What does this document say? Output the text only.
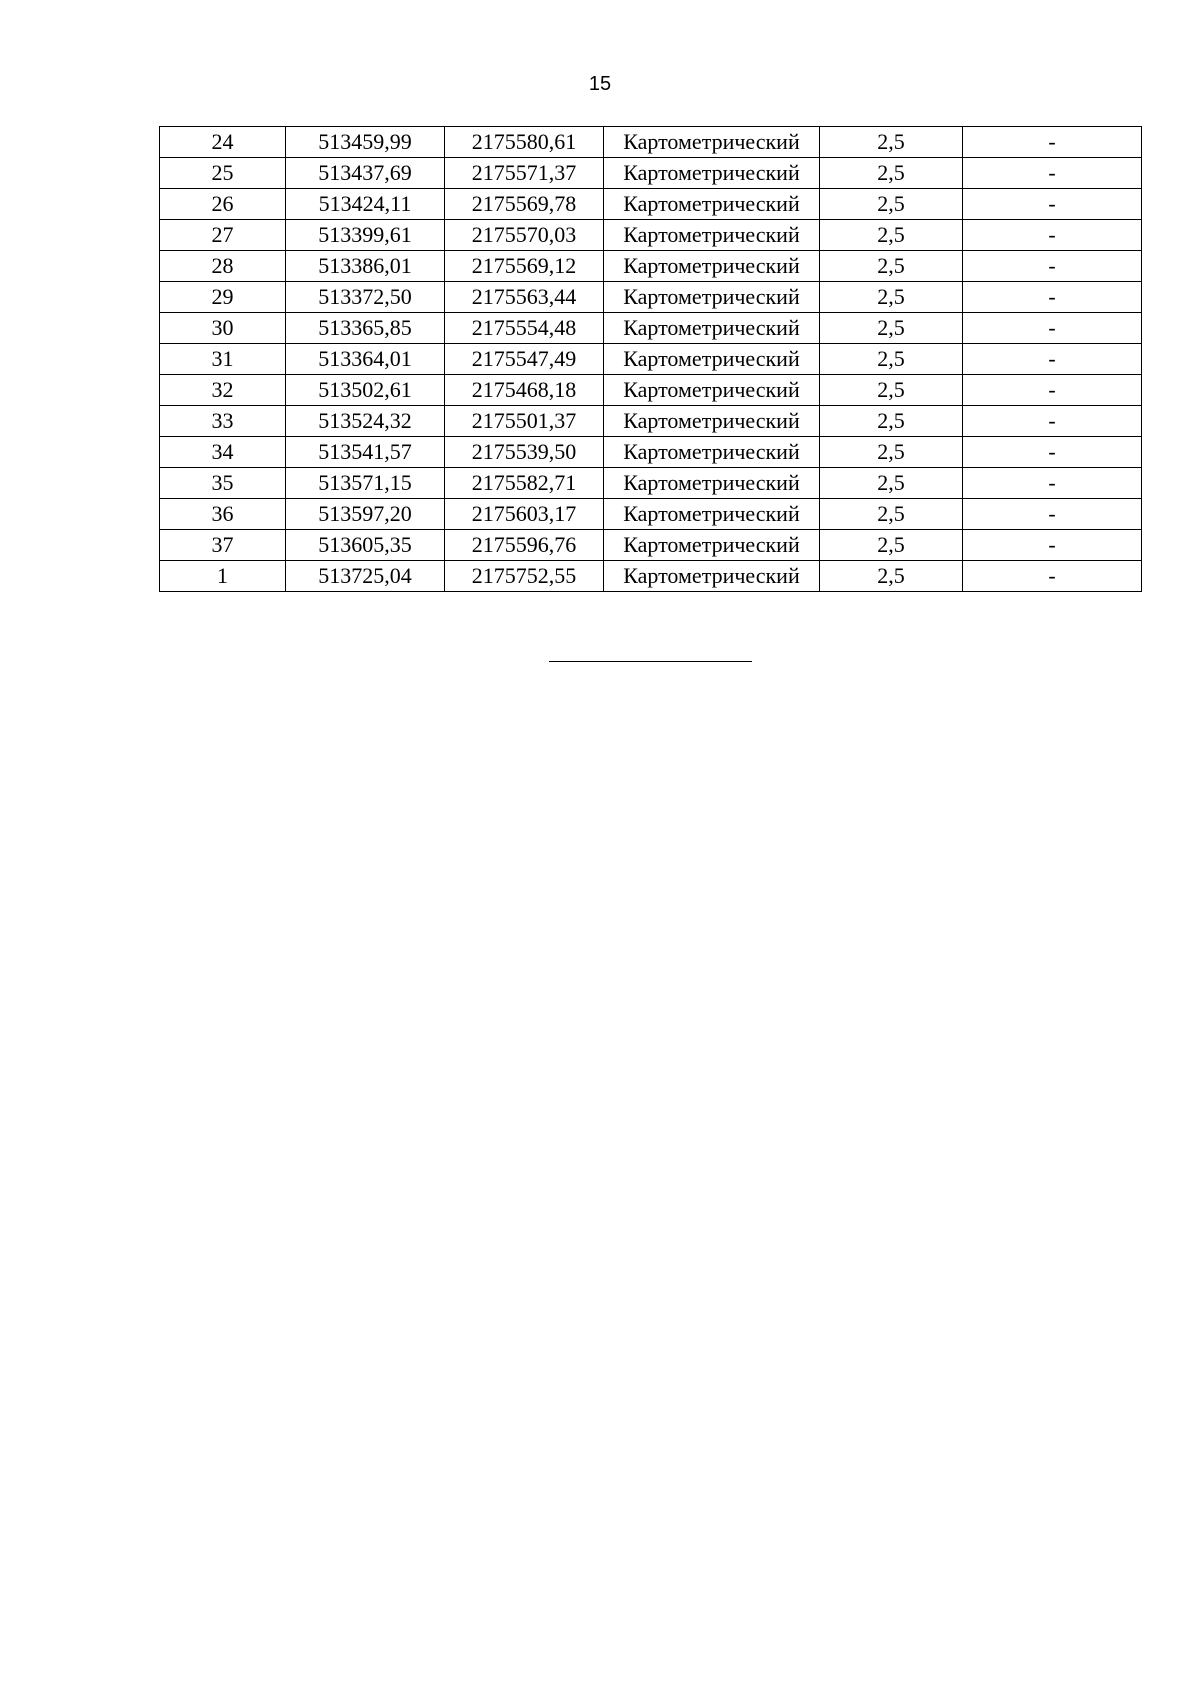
15
24	513459,99	2175580,61	Картометрический	2,5	-
25	513437,69	2175571,37	Картометрический	2,5	-
26	513424,11	2175569,78	Картометрический	2,5	-
27	513399,61	2175570,03	Картометрический	2,5	-
28	513386,01	2175569,12	Картометрический	2,5	-
29	513372,50	2175563,44	Картометрический	2,5	-
30	513365,85	2175554,48	Картометрический	2,5	-
31	513364,01	2175547,49	Картометрический	2,5	-
32	513502,61	2175468,18	Картометрический	2,5	-
33	513524,32	2175501,37	Картометрический	2,5	-
34	513541,57	2175539,50	Картометрический	2,5	-
35	513571,15	2175582,71	Картометрический	2,5	-
36	513597,20	2175603,17	Картометрический	2,5	-
37	513605,35	2175596,76	Картометрический	2,5	-
1	513725,04	2175752,55	Картометрический	2,5	-
